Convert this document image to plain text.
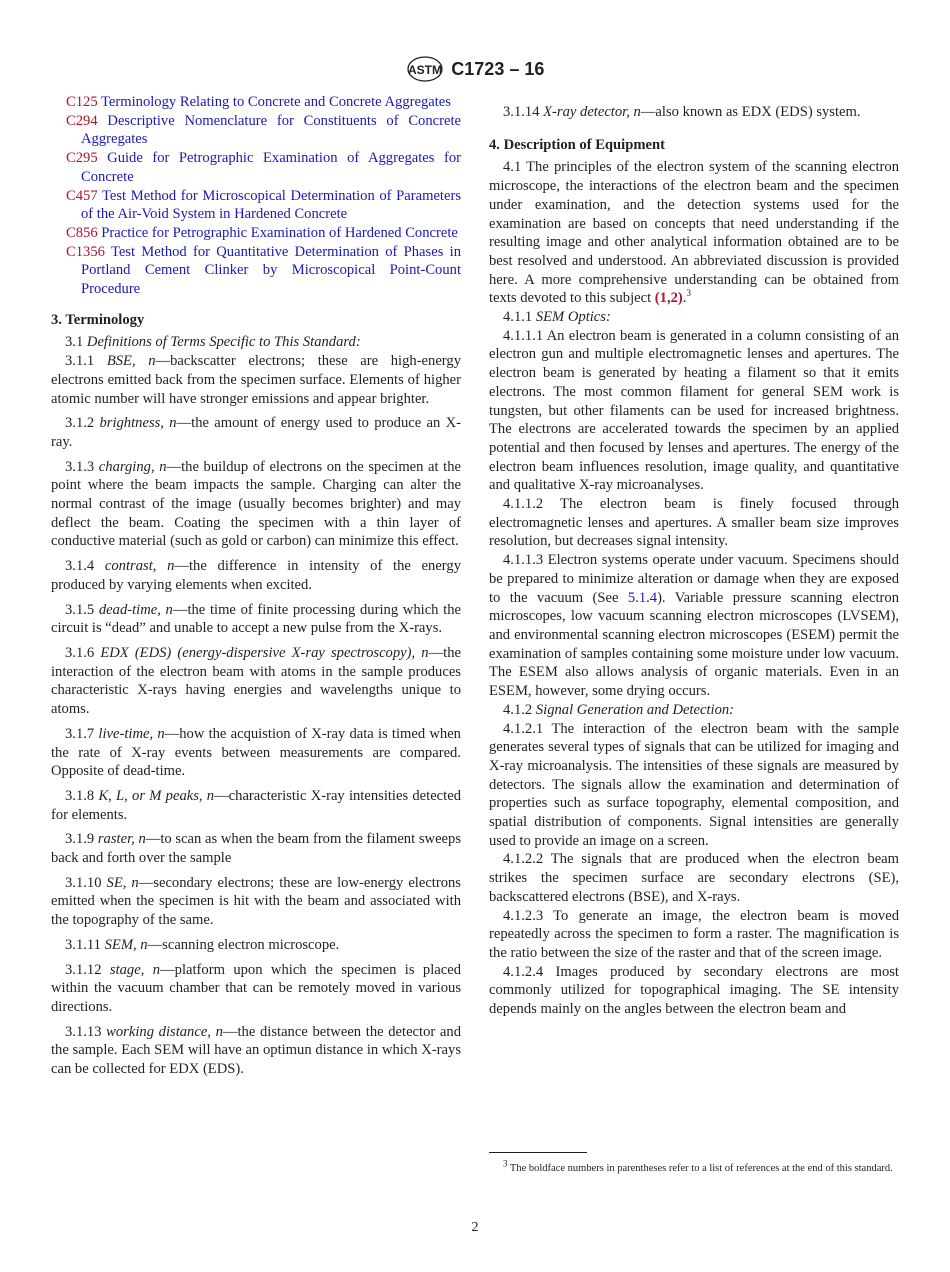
ASTM C1723 – 16

C125 Terminology Relating to Concrete and Concrete Aggregates

C294 Descriptive Nomenclature for Constituents of Concrete Aggregates

C295 Guide for Petrographic Examination of Aggregates for Concrete

C457 Test Method for Microscopical Determination of Parameters of the Air-Void System in Hardened Concrete

C856 Practice for Petrographic Examination of Hardened Concrete

C1356 Test Method for Quantitative Determination of Phases in Portland Cement Clinker by Microscopical Point-Count Procedure

3. Terminology

3.1 Definitions of Terms Specific to This Standard:

3.1.1 BSE, n—backscatter electrons; these are high-energy electrons emitted back from the specimen surface. Elements of higher atomic number will have stronger emissions and appear brighter.

3.1.2 brightness, n—the amount of energy used to produce an X-ray.

3.1.3 charging, n—the buildup of electrons on the specimen at the point where the beam impacts the sample. Charging can alter the normal contrast of the image (usually becomes brighter) and may deflect the beam. Coating the specimen with a thin layer of conductive material (such as gold or carbon) can minimize this effect.

3.1.4 contrast, n—the difference in intensity of the energy produced by varying elements when excited.

3.1.5 dead-time, n—the time of finite processing during which the circuit is “dead” and unable to accept a new pulse from the X-rays.

3.1.6 EDX (EDS) (energy-dispersive X-ray spectroscopy), n—the interaction of the electron beam with atoms in the sample produces characteristic X-rays having energies and wavelengths unique to atoms.

3.1.7 live-time, n—how the acquistion of X-ray data is timed when the rate of X-ray events between measurements are compared. Opposite of dead-time.

3.1.8 K, L, or M peaks, n—characteristic X-ray intensities detected for elements.

3.1.9 raster, n—to scan as when the beam from the filament sweeps back and forth over the sample

3.1.10 SE, n—secondary electrons; these are low-energy electrons emitted when the specimen is hit with the beam and associated with the topography of the same.

3.1.11 SEM, n—scanning electron microscope.

3.1.12 stage, n—platform upon which the specimen is placed within the vacuum chamber that can be remotely moved in various directions.

3.1.13 working distance, n—the distance between the detector and the sample. Each SEM will have an optimun distance in which X-rays can be collected for EDX (EDS).

3.1.14 X-ray detector, n—also known as EDX (EDS) system.

4. Description of Equipment

4.1 The principles of the electron system of the scanning electron microscope, the interactions of the electron beam and the specimen under examination, and the detection systems used for the examination are based on concepts that need understanding if the resulting image and other analytical information obtained are to be best resolved and understood. An abbreviated discussion is provided here. A more comprehensive understanding can be obtained from texts devoted to this subject (1,2).$^3$

4.1.1 SEM Optics:

4.1.1.1 An electron beam is generated in a column consisting of an electron gun and multiple electromagnetic lenses and apertures. The electron beam is generated by heating a filament so that it emits electrons. The most common filament for general SEM work is tungsten, but other filaments can be used for increased brightness. The electrons are accelerated towards the specimen by an applied potential and then focused by lenses and apertures. The energy of the electron beam influences resolution, image quality, and quantitative and qualitative X-ray microanalyses.

4.1.1.2 The electron beam is finely focused through electromagnetic lenses and apertures. A smaller beam size improves resolution, but decreases signal intensity.

4.1.1.3 Electron systems operate under vacuum. Specimens should be prepared to minimize alteration or damage when they are exposed to the vacuum (See 5.1.4). Variable pressure scanning electron microscopes, low vacuum scanning electron microscopes (LVSEM), and environmental scanning electron microscopes (ESEM) permit the examination of samples containing some moisture under low vacuum. The ESEM also allows analysis of organic materials. Even in an ESEM, however, some drying occurs.

4.1.2 Signal Generation and Detection:

4.1.2.1 The interaction of the electron beam with the sample generates several types of signals that can be utilized for imaging and X-ray microanalysis. The intensities of these signals are measured by detectors. The signals allow the examination and determination of properties such as surface topography, elemental composition, and spatial distribution of components. Signal intensities are generally used to provide an image on a screen.

4.1.2.2 The signals that are produced when the electron beam strikes the specimen surface are secondary electrons (SE), backscattered electrons (BSE), and X-rays.

4.1.2.3 To generate an image, the electron beam is moved repeatedly across the specimen to form a raster. The magnification is the ratio between the size of the raster and that of the screen image.

4.1.2.4 Images produced by secondary electrons are most commonly utilized for topographical imaging. The SE intensity depends mainly on the angles between the electron beam and

$^3$ The boldface numbers in parentheses refer to a list of references at the end of this standard.

2
